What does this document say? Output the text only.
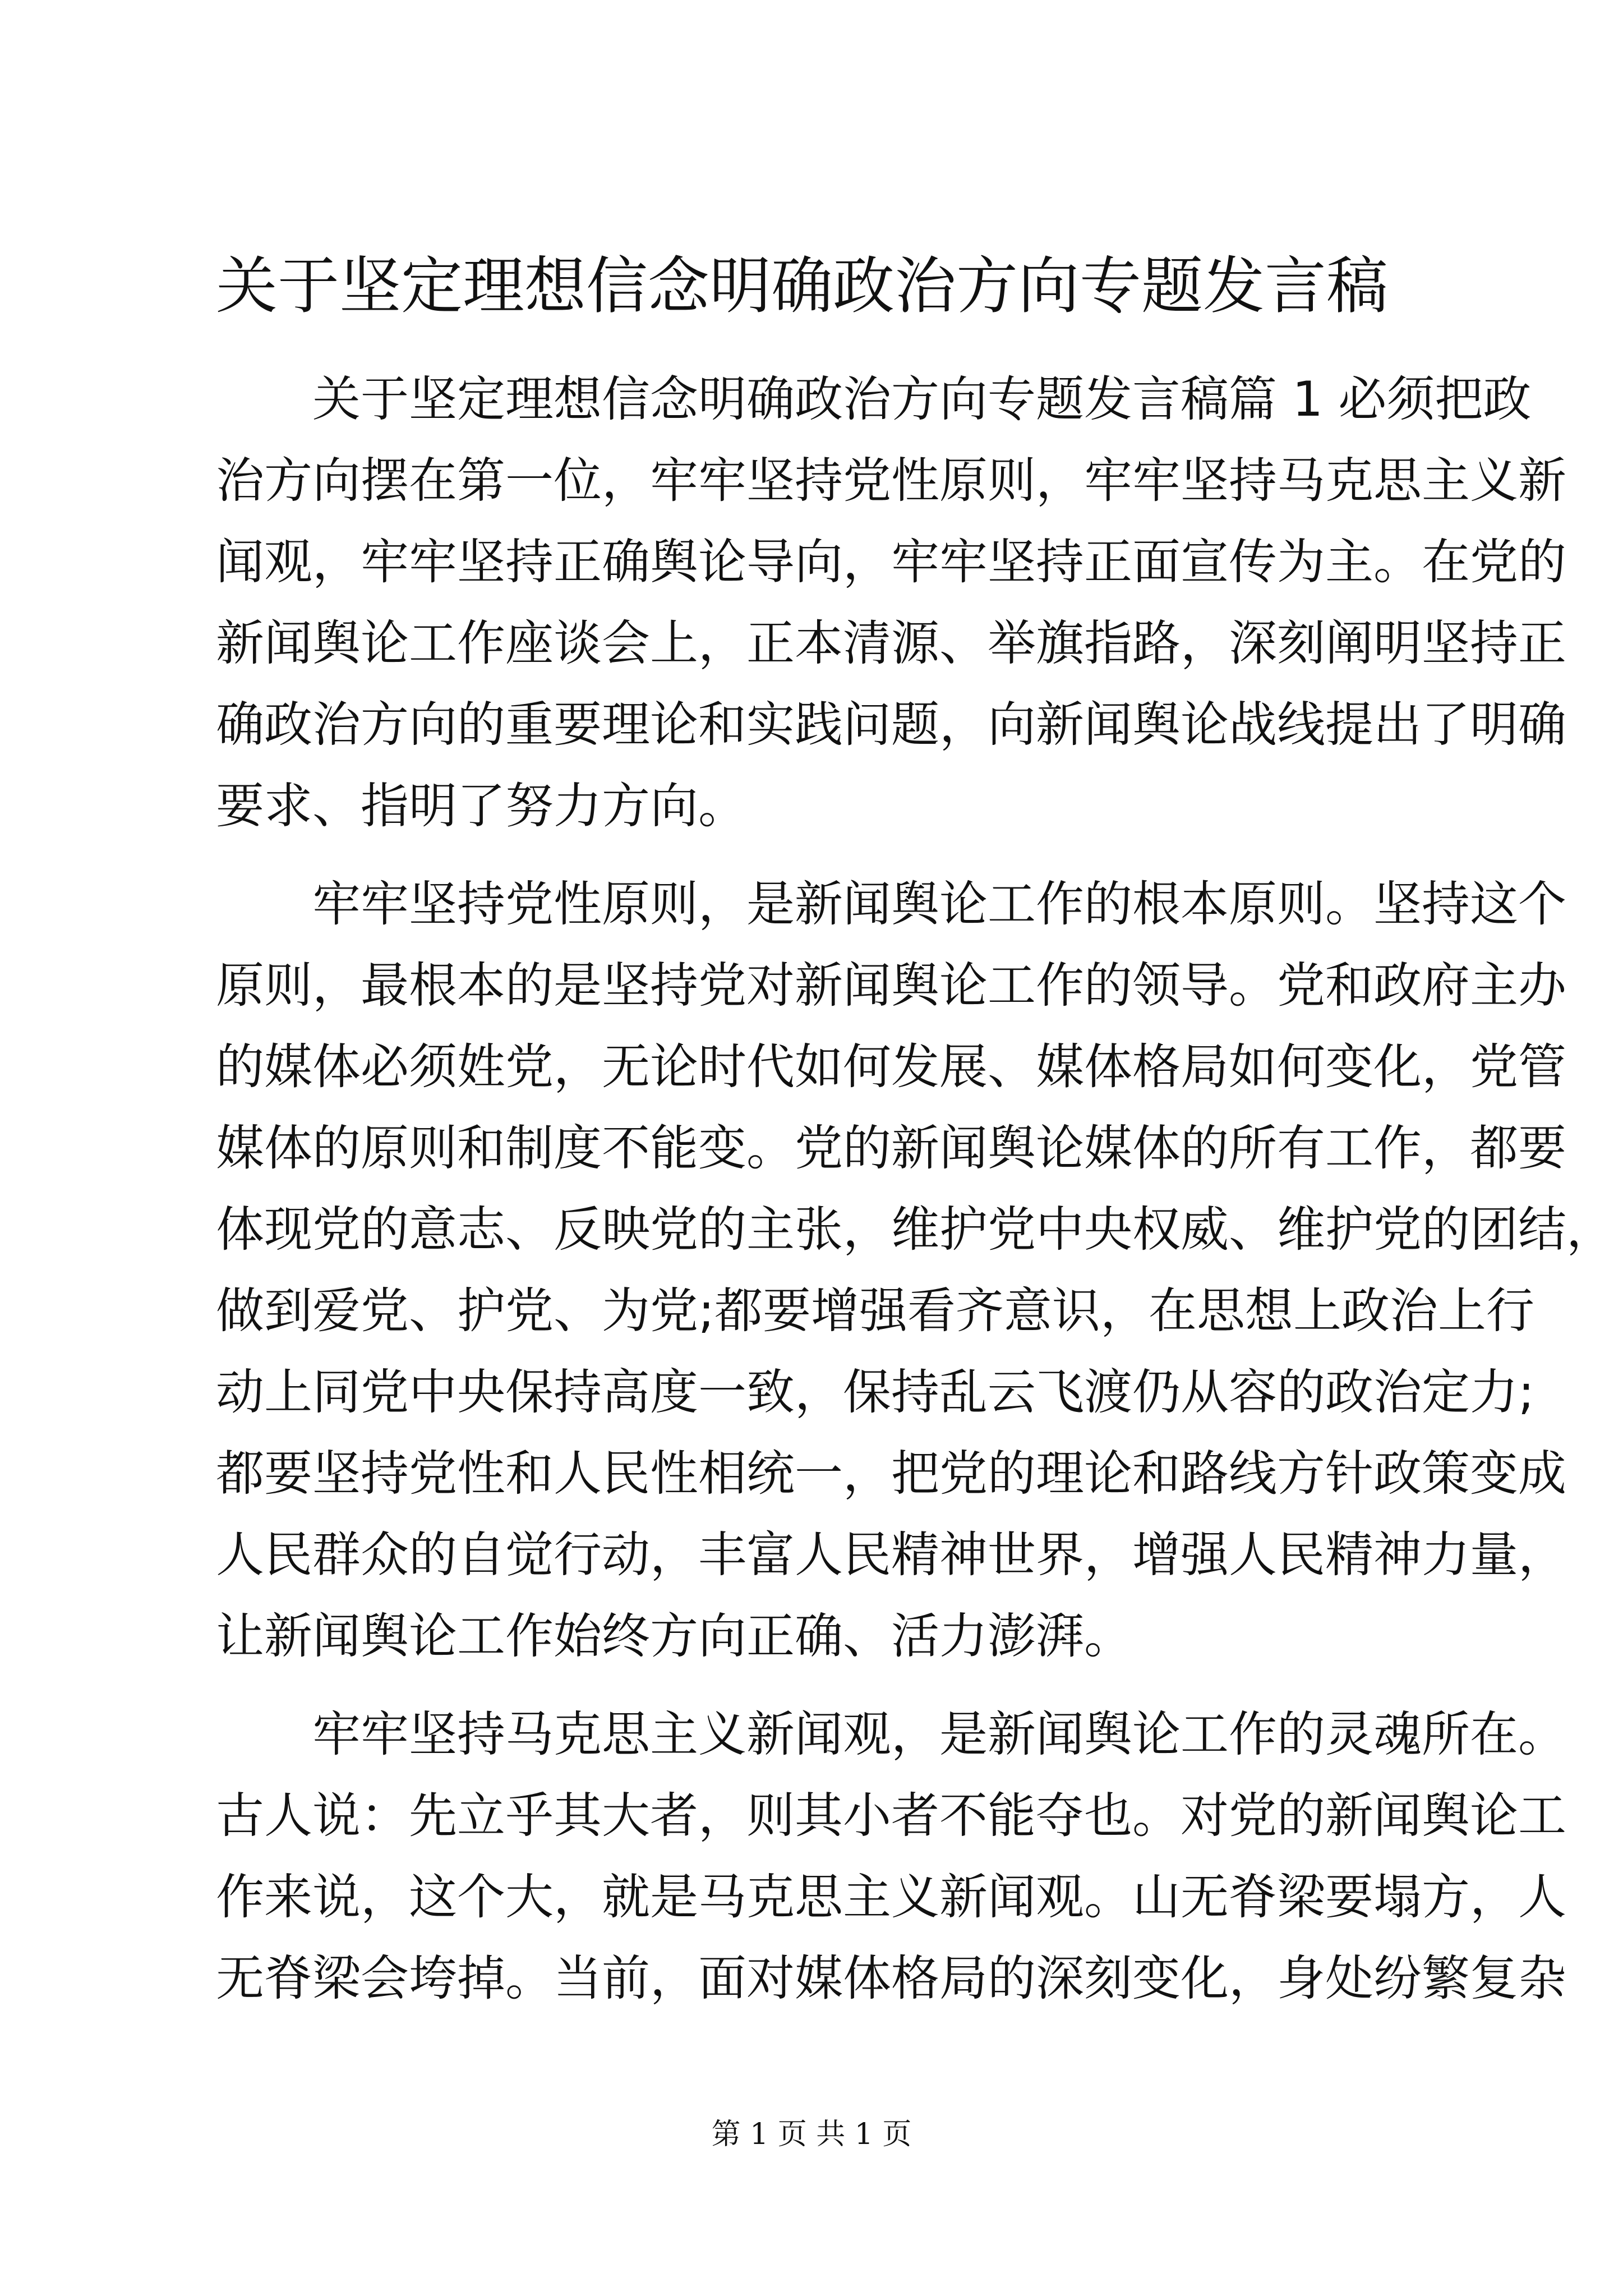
关于坚定理想信念明确政治方向专题发言稿
关于坚定理想信念明确政治方向专题发言稿篇 1 必须把政
治方向摆在第一位，牢牢坚持党性原则，牢牢坚持马克思主义新
闻观，牢牢坚持正确舆论导向，牢牢坚持正面宣传为主。在党的
新闻舆论工作座谈会上，正本清源、举旗指路，深刻阐明坚持正
确政治方向的重要理论和实践问题，向新闻舆论战线提出了明确
要求、指明了努力方向。
牢牢坚持党性原则，是新闻舆论工作的根本原则。坚持这个
原则，最根本的是坚持党对新闻舆论工作的领导。党和政府主办
的媒体必须姓党，无论时代如何发展、媒体格局如何变化，党管
媒体的原则和制度不能变。党的新闻舆论媒体的所有工作，都要
体现党的意志、反映党的主张，维护党中央权威、维护党的团结，
做到爱党、护党、为党;都要增强看齐意识，在思想上政治上行
动上同党中央保持高度一致，保持乱云飞渡仍从容的政治定力;
都要坚持党性和人民性相统一，把党的理论和路线方针政策变成
人民群众的自觉行动，丰富人民精神世界，增强人民精神力量，
让新闻舆论工作始终方向正确、活力澎湃。
牢牢坚持马克思主义新闻观，是新闻舆论工作的灵魂所在。
古人说：先立乎其大者，则其小者不能夺也。对党的新闻舆论工
作来说，这个大，就是马克思主义新闻观。山无脊梁要塌方，人
无脊梁会垮掉。当前，面对媒体格局的深刻变化，身处纷繁复杂
第 1 页 共 1 页
